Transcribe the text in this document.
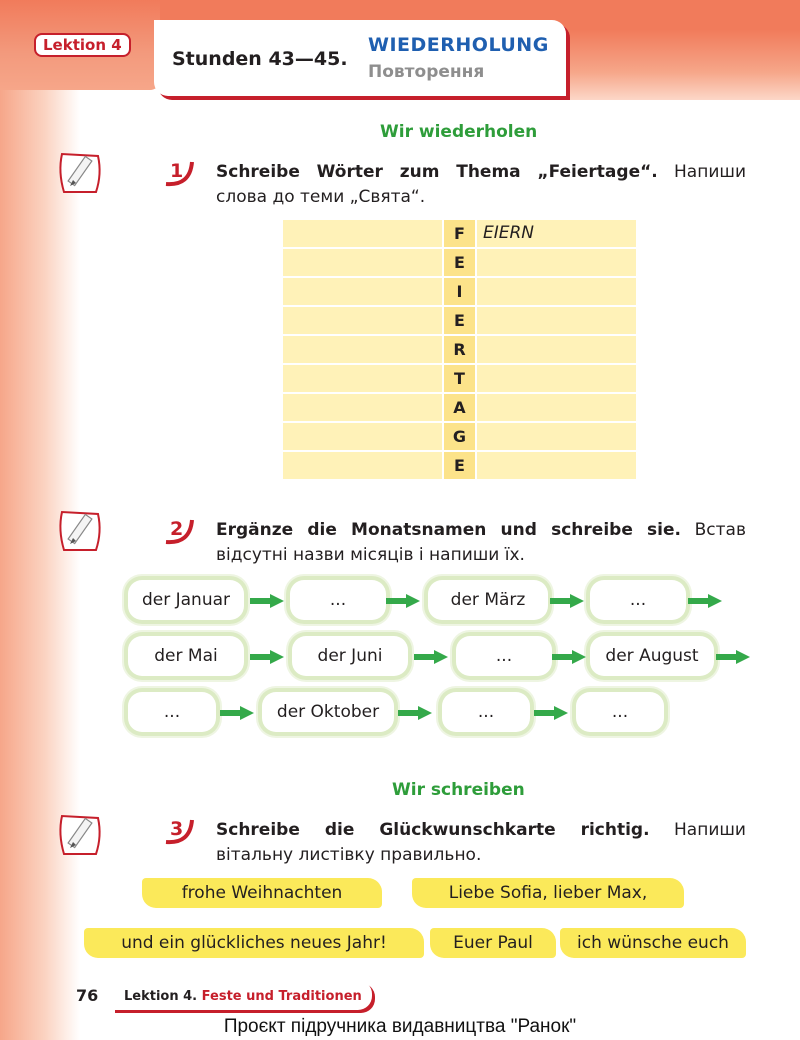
Lektion 4
Stunden 43—45.
WIEDERHOLUNG
Повторення
Wir wiederholen
1 Schreibe Wörter zum Thema „Feiertage“. Напиши слова до теми „Свята“.
F	EIERN
E
I
E
R
T
A
G
E
2 Ergänze die Monatsnamen und schreibe sie. Встав відсутні назви місяців і напиши їх.
der Januar	...	der März	...
der Mai	der Juni	...	der August
...	der Oktober	...	...
Wir schreiben
3 Schreibe die Glückwunschkarte richtig. Напиши вітальну листівку правильно.
frohe Weihnachten	Liebe Sofia, lieber Max,
und ein glückliches neues Jahr!	Euer Paul	ich wünsche euch
76 Lektion 4. Feste und Traditionen
Проєкт підручника видавництва "Ранок"
